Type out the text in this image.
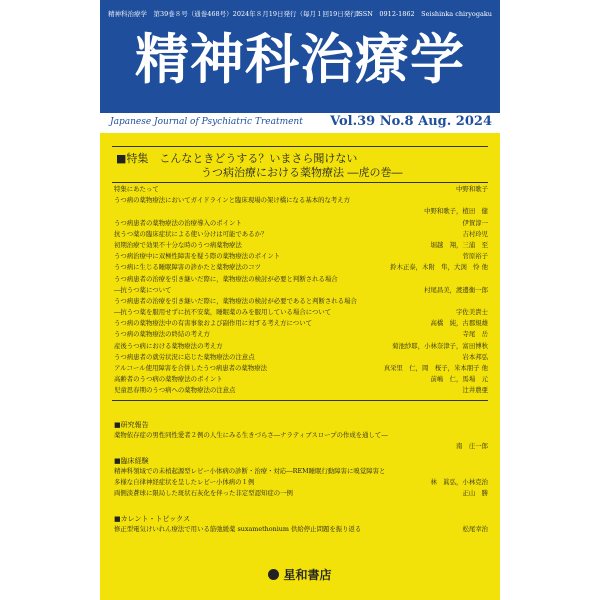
精神科治療学　第39巻８号（通巻468号）2024年８月19日発行（毎月１回19日発行）
ISSN　0912-1862　Seishinka chiryogaku
精神科治療学
Japanese Journal of Psychiatric Treatment Vol.39 No.8 Aug. 2024
■特集　こんなときどうする？いまさら聞けない
うつ病治療における薬物療法 ―虎の巻―
特集にあたって	中野和歌子
うつ病の薬物療法においてガイドラインと臨床現場の架け橋になる基本的な考え方
中野和歌子，植田　健
うつ病患者の薬物療法の治療導入のポイント	伊賀淳一
抗うつ薬の臨床症状による使い分けは可能であるか？	吉村玲児
初期治療で効果不十分な時のうつ病薬物療法	堀越　翔，三浦　至
うつ病治療中に双極性障害を疑う際の薬物療法のポイント	菅原裕子
うつ病に生じる睡眠障害の診かたと薬物療法のコツ	鈴木正泰，木附　隼，大渕　怜 他
うつ病患者の治療を引き継いだ際に，薬物療法の検討が必要と判断される場合
―抗うつ薬について	村尾昌美，渡邊衡一郎
うつ病患者の治療を引き継いだ際に，薬物療法の検討が必要であると判断される場合
―抗うつ薬を服用せずに抗不安薬，睡眠薬のみを服用している場合について	宇佐美貴士
うつ病の薬物療法中の有害事象および副作用に対する考え方について	高橋　純，古郡規雄
うつ病の薬物療法の終結の考え方	寺尾　岳
産後うつ病における薬物療法の考え方	菊池紗耶，小林奈津子，富田博秋
うつ病患者の就労状況に応じた薬物療法の注意点	岩本邦弘
アルコール使用障害を合併したうつ病患者の薬物療法	真栄里　仁，岡　桜子，米本朋子 他
高齢者のうつ病の薬物療法のポイント	前嶋　仁，馬場　元
児童思春期のうつ病への薬物療法の注意点	辻井農亜
■研究報告
薬物依存症の男性同性愛者２例の人生にみる生きづらさ―ナラティブスロープの作成を通して―
南　庄一郎
■臨床経験
精神科領域での未梢起源型レビー小体病の診断・治療・対応―REM睡眠行動障害に嗅覚障害と
多様な自律神経症状を呈したレビー小体病の１例	林　眞弘，小林克治
両側淡蒼球に限局した斑状石灰化を伴った非定型認知症の一例	正山　勝
■カレント・トピックス
修正型電気けいれん療法で用いる筋弛緩薬 suxamethonium 供給停止問題を振り返る	松尾幸治
星和書店
